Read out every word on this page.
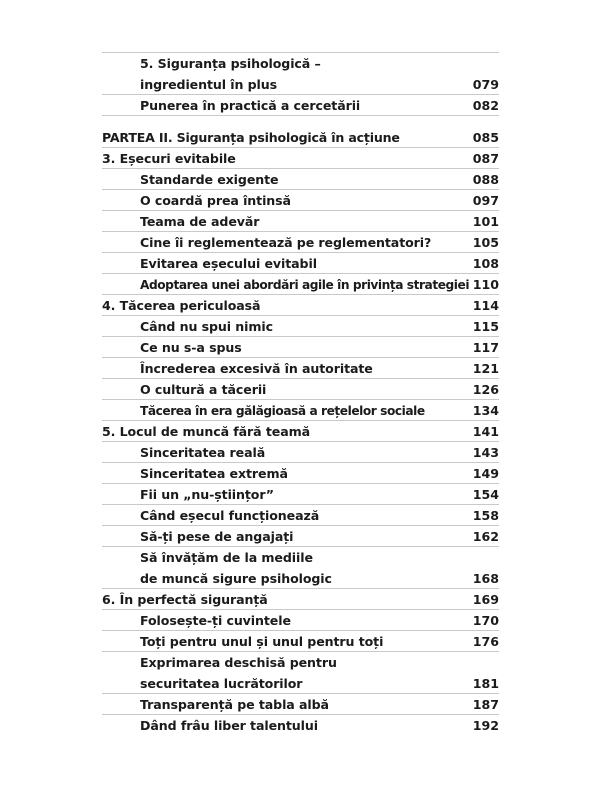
5. Siguranța psihologică –
ingredientul în plus	079
Punerea în practică a cercetării	082
PARTEA II. Siguranța psihologică în acțiune	085
3. Eșecuri evitabile	087
Standarde exigente	088
O coardă prea întinsă	097
Teama de adevăr	101
Cine îi reglementează pe reglementatori?	105
Evitarea eșecului evitabil	108
Adoptarea unei abordări agile în privința strategiei 110
4. Tăcerea periculoasă	114
Când nu spui nimic	115
Ce nu s-a spus	117
Încrederea excesivă în autoritate	121
O cultură a tăcerii	126
Tăcerea în era gălăgioasă a rețelelor sociale	134
5. Locul de muncă fără teamă	141
Sinceritatea reală	143
Sinceritatea extremă	149
Fii un „nu-științor”	154
Când eșecul funcționează	158
Să-ți pese de angajați	162
Să învățăm de la mediile
de muncă sigure psihologic	168
6. În perfectă siguranță	169
Folosește-ți cuvintele	170
Toți pentru unul și unul pentru toți	176
Exprimarea deschisă pentru
securitatea lucrătorilor	181
Transparență pe tabla albă	187
Dând frâu liber talentului	192
